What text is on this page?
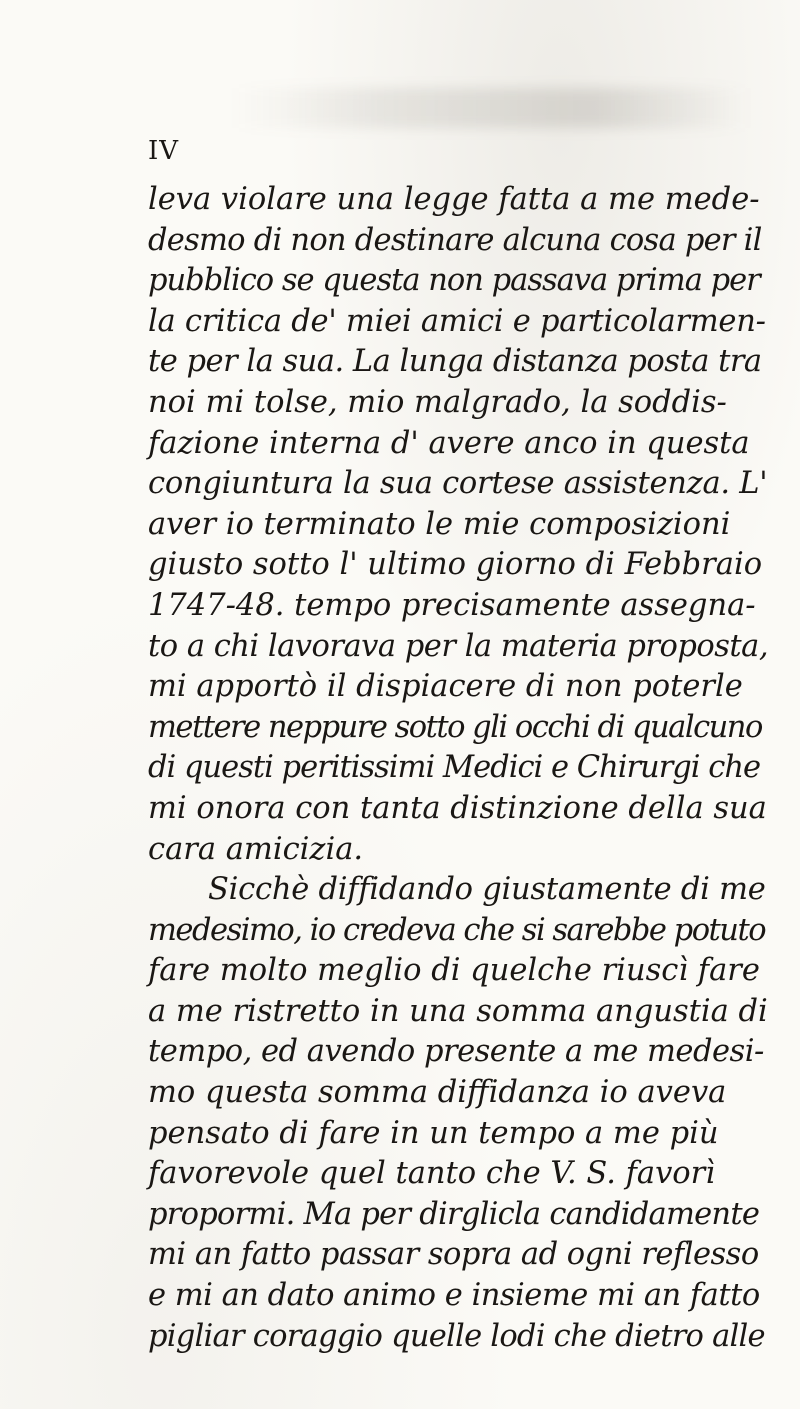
IV
leva violare una legge fatta a me mede-
desmo di non destinare alcuna cosa per il
pubblico se questa non passava prima per
la critica de' miei amici e particolarmen-
te per la sua. La lunga distanza posta tra
noi mi tolse, mio malgrado, la soddis-
fazione interna d' avere anco in questa
congiuntura la sua cortese assistenza. L'
aver io terminato le mie composizioni
giusto sotto l' ultimo giorno di Febbraio
1747-48. tempo precisamente assegna-
to a chi lavorava per la materia proposta,
mi apportò il dispiacere di non poterle
mettere neppure sotto gli occhi di qualcuno
di questi peritissimi Medici e Chirurgi che
mi onora con tanta distinzione della sua
cara amicizia.
Sicchè diffidando giustamente di me
medesimo, io credeva che si sarebbe potuto
fare molto meglio di quelche riuscì fare
a me ristretto in una somma angustia di
tempo, ed avendo presente a me medesi-
mo questa somma diffidanza io aveva
pensato di fare in un tempo a me più
favorevole quel tanto che V. S. favorì
propormi. Ma per dirglicla candidamente
mi an fatto passar sopra ad ogni reflesso
e mi an dato animo e insieme mi an fatto
pigliar coraggio quelle lodi che dietro alle
